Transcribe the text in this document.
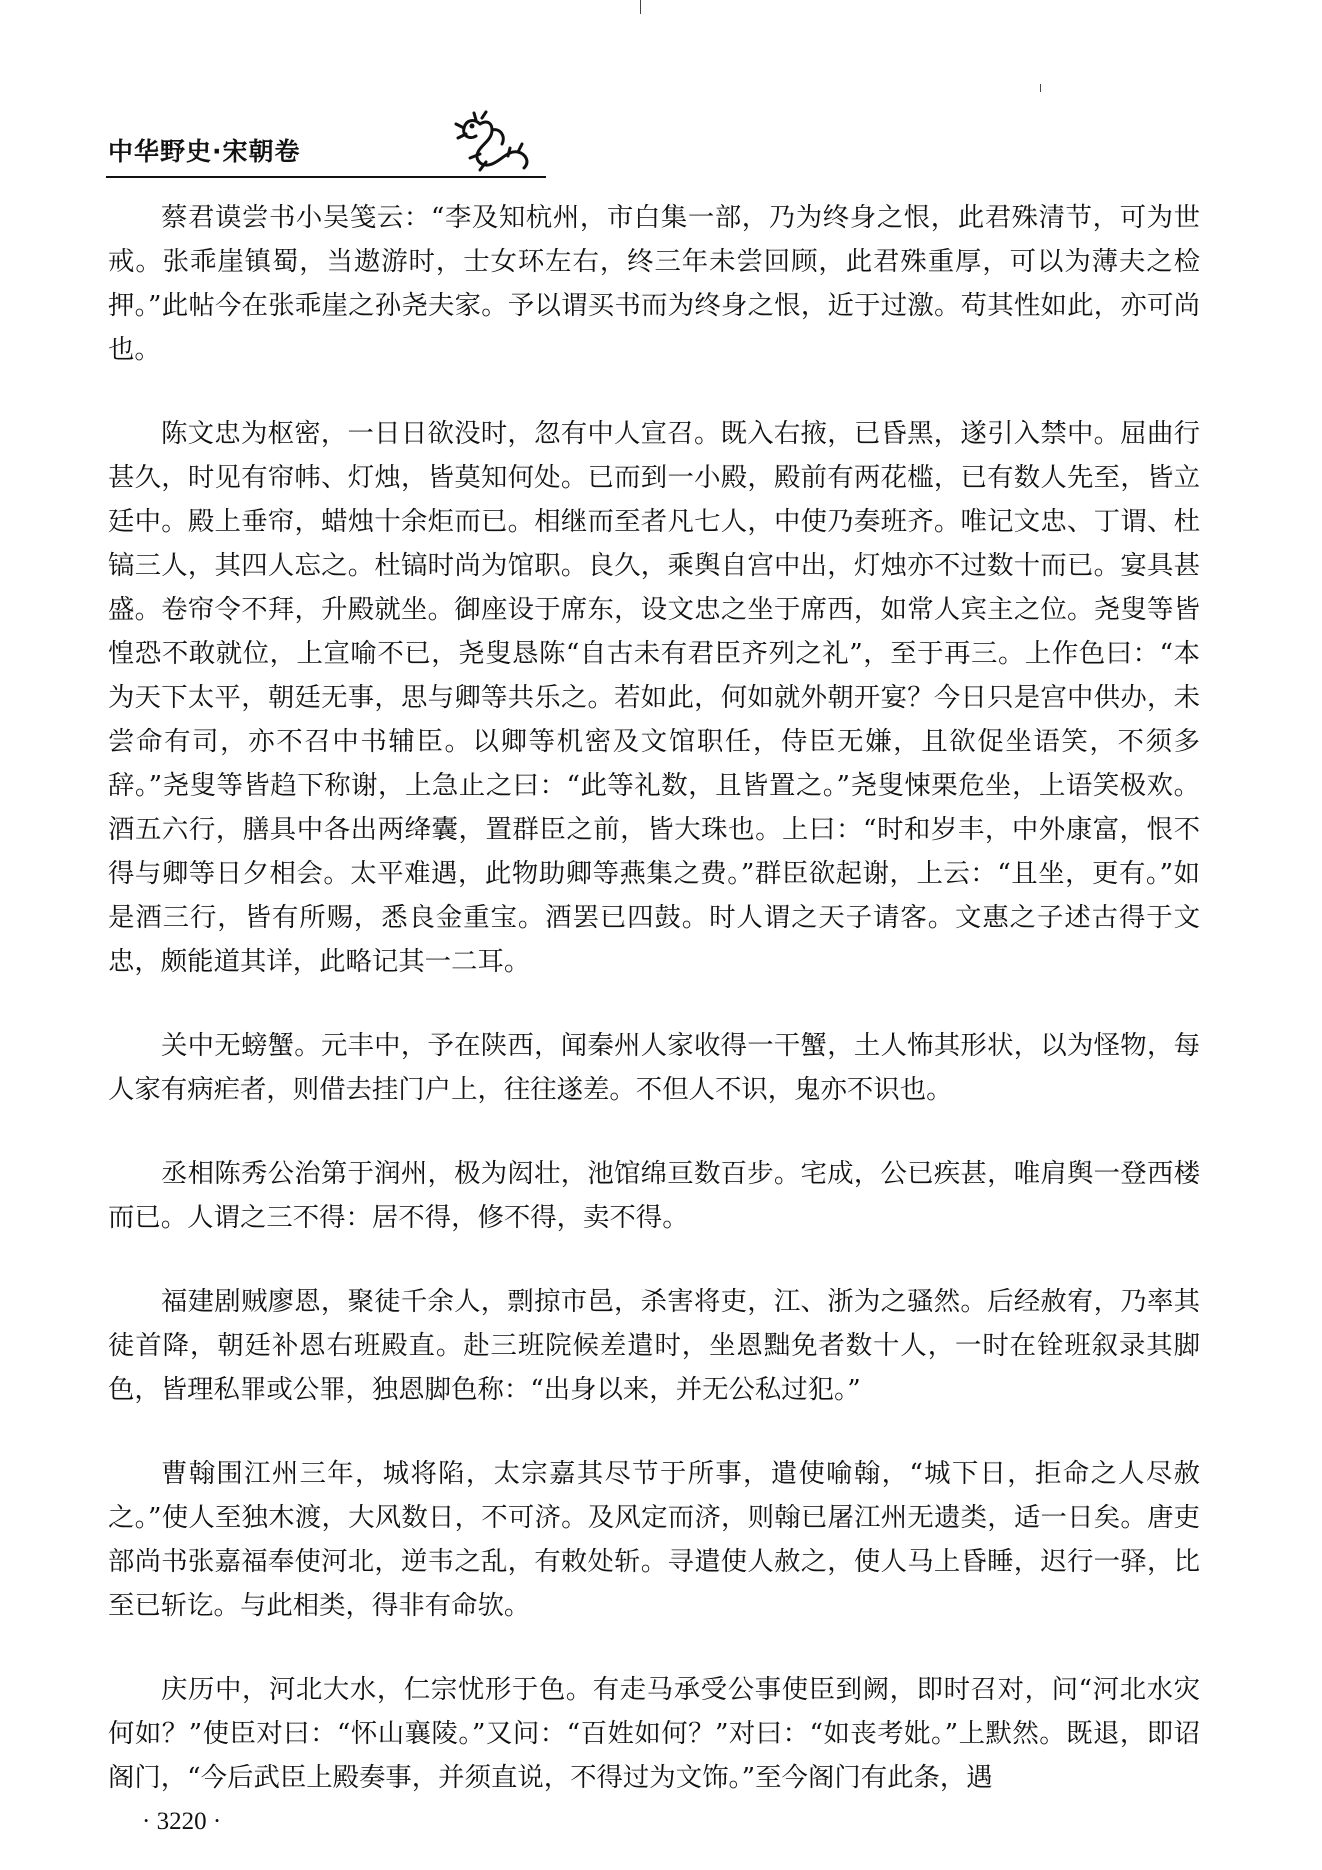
中华野史·宋朝卷

蔡君谟尝书小吴笺云：“李及知杭州，市白集一部，乃为终身之恨，此君殊清节，可为世戒。张乖崖镇蜀，当遨游时，士女环左右，终三年未尝回顾，此君殊重厚，可以为薄夫之检押。”此帖今在张乖崖之孙尧夫家。予以谓买书而为终身之恨，近于过激。苟其性如此，亦可尚也。

陈文忠为枢密，一日日欲没时，忽有中人宣召。既入右掖，已昏黑，遂引入禁中。屈曲行甚久，时见有帘帏、灯烛，皆莫知何处。已而到一小殿，殿前有两花槛，已有数人先至，皆立廷中。殿上垂帘，蜡烛十余炬而已。相继而至者凡七人，中使乃奏班齐。唯记文忠、丁谓、杜镐三人，其四人忘之。杜镐时尚为馆职。良久，乘舆自宫中出，灯烛亦不过数十而已。宴具甚盛。卷帘令不拜，升殿就坐。御座设于席东，设文忠之坐于席西，如常人宾主之位。尧叟等皆惶恐不敢就位，上宣喻不已，尧叟恳陈“自古未有君臣齐列之礼”，至于再三。上作色曰：“本为天下太平，朝廷无事，思与卿等共乐之。若如此，何如就外朝开宴？今日只是宫中供办，未尝命有司，亦不召中书辅臣。以卿等机密及文馆职任，侍臣无嫌，且欲促坐语笑，不须多辞。”尧叟等皆趋下称谢，上急止之曰：“此等礼数，且皆置之。”尧叟悚栗危坐，上语笑极欢。酒五六行，膳具中各出两绛囊，置群臣之前，皆大珠也。上曰：“时和岁丰，中外康富，恨不得与卿等日夕相会。太平难遇，此物助卿等燕集之费。”群臣欲起谢，上云：“且坐，更有。”如是酒三行，皆有所赐，悉良金重宝。酒罢已四鼓。时人谓之天子请客。文惠之子述古得于文忠，颇能道其详，此略记其一二耳。

关中无螃蟹。元丰中，予在陕西，闻秦州人家收得一干蟹，土人怖其形状，以为怪物，每人家有病疟者，则借去挂门户上，往往遂差。不但人不识，鬼亦不识也。

丞相陈秀公治第于润州，极为闳壮，池馆绵亘数百步。宅成，公已疾甚，唯肩舆一登西楼而已。人谓之三不得：居不得，修不得，卖不得。

福建剧贼廖恩，聚徒千余人，剽掠市邑，杀害将吏，江、浙为之骚然。后经赦宥，乃率其徒首降，朝廷补恩右班殿直。赴三班院候差遣时，坐恩黜免者数十人，一时在铨班叙录其脚色，皆理私罪或公罪，独恩脚色称：“出身以来，并无公私过犯。”

曹翰围江州三年，城将陷，太宗嘉其尽节于所事，遣使喻翰，“城下日，拒命之人尽赦之。”使人至独木渡，大风数日，不可济。及风定而济，则翰已屠江州无遗类，适一日矣。唐吏部尚书张嘉福奉使河北，逆韦之乱，有敕处斩。寻遣使人赦之，使人马上昏睡，迟行一驿，比至已斩讫。与此相类，得非有命欤。

庆历中，河北大水，仁宗忧形于色。有走马承受公事使臣到阙，即时召对，问“河北水灾何如？”使臣对曰：“怀山襄陵。”又问：“百姓如何？”对曰：“如丧考妣。”上默然。既退，即诏阁门，“今后武臣上殿奏事，并须直说，不得过为文饰。”至今阁门有此条，遇

· 3220 ·
